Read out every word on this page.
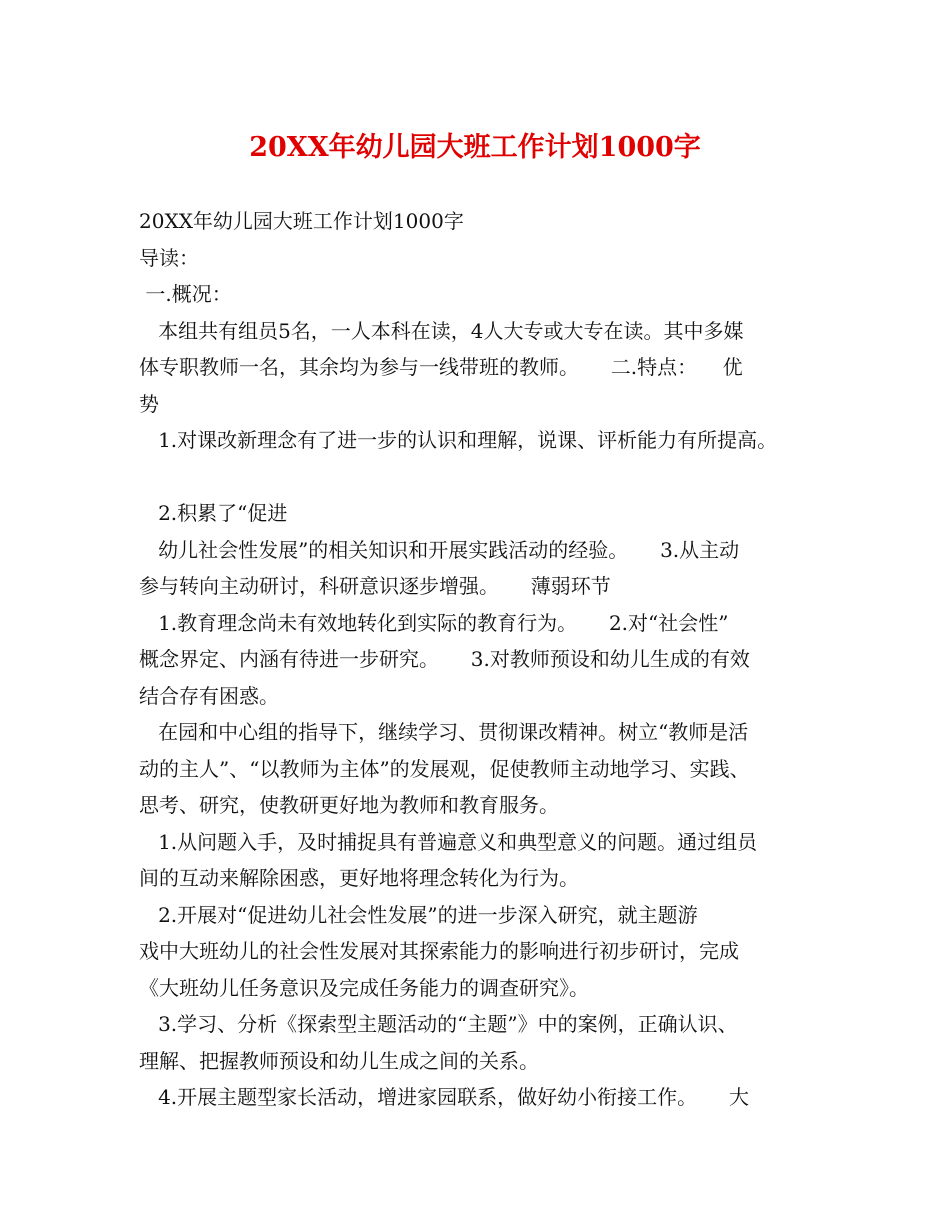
20XX年幼儿园大班工作计划1000字
20XX年幼儿园大班工作计划1000字
导读：
一.概况：
本组共有组员5名，一人本科在读，4人大专或大专在读。其中多媒
体专职教师一名，其余均为参与一线带班的教师。     二.特点：    优
势
1.对课改新理念有了进一步的认识和理解，说课、评析能力有所提高。
2.积累了“促进
幼儿社会性发展”的相关知识和开展实践活动的经验。     3.从主动
参与转向主动研讨，科研意识逐步增强。     薄弱环节
1.教育理念尚未有效地转化到实际的教育行为。     2.对“社会性”
概念界定、内涵有待进一步研究。     3.对教师预设和幼儿生成的有效
结合存有困惑。
在园和中心组的指导下，继续学习、贯彻课改精神。树立“教师是活
动的主人”、“以教师为主体”的发展观，促使教师主动地学习、实践、
思考、研究，使教研更好地为教师和教育服务。
1.从问题入手，及时捕捉具有普遍意义和典型意义的问题。通过组员
间的互动来解除困惑，更好地将理念转化为行为。
2.开展对“促进幼儿社会性发展”的进一步深入研究，就主题游
戏中大班幼儿的社会性发展对其探索能力的影响进行初步研讨，完成
《大班幼儿任务意识及完成任务能力的调查研究》。
3.学习、分析《探索型主题活动的“主题”》中的案例，正确认识、
理解、把握教师预设和幼儿生成之间的关系。
4.开展主题型家长活动，增进家园联系，做好幼小衔接工作。     大
